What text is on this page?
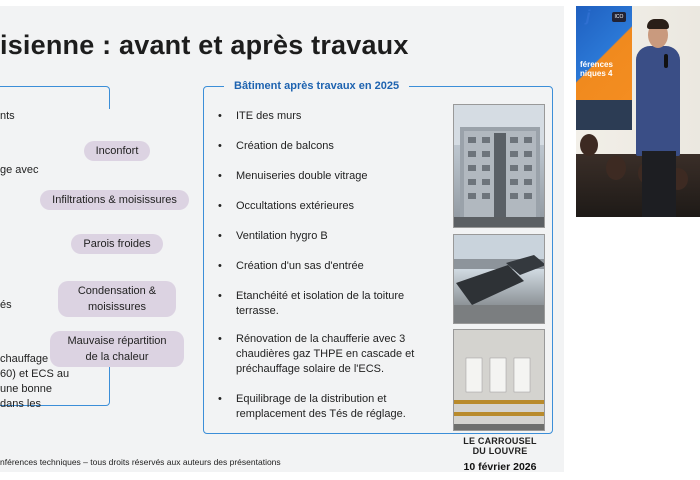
isienne : avant et après travaux
nts
ge avec
és
chauffage
60) et ECS au
une bonne
dans les
Inconfort
Infiltrations & moisissures
Parois froides
Condensation &
moisissures
Mauvaise répartition
de la chaleur
Bâtiment après travaux en 2025
• ITE des murs
• Création de balcons
• Menuiseries double vitrage
• Occultations extérieures
• Ventilation hygro B
• Création d'un sas d'entrée
• Etanchéité et isolation de la toiture terrasse.
• Rénovation de la chaufferie avec 3 chaudières gaz THPE en cascade et préchauffage solaire de l'ECS.
• Equilibrage de la distribution et remplacement des Tés de réglage.
nférences techniques – tous droits réservés aux auteurs des présentations
LE CARROUSEL
DU LOUVRE
10 février 2026
j
férences
niques 4
ICO
